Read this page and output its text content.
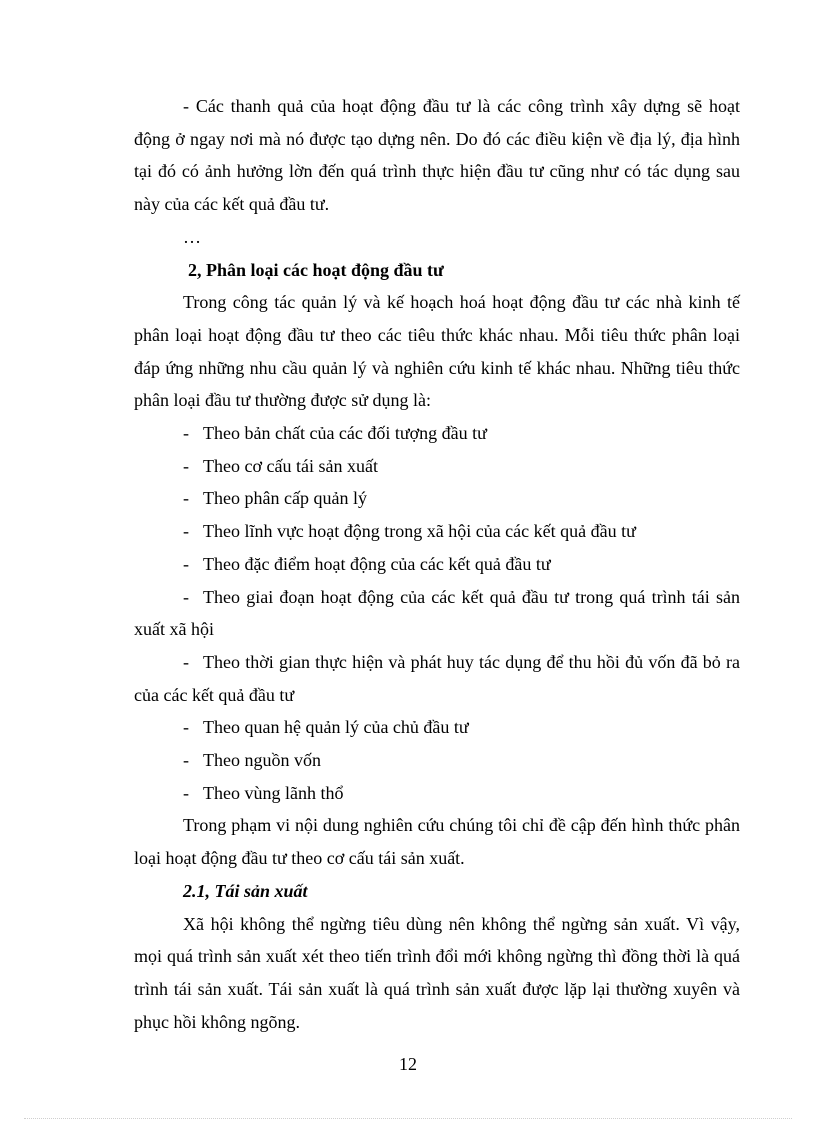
- Các thanh quả của hoạt động đầu tư là các công trình xây dựng sẽ hoạt động ở ngay nơi mà nó được tạo dựng nên. Do đó các điều kiện về địa lý, địa hình tại đó có ảnh hưởng lờn đến quá trình thực hiện đầu tư cũng như có tác dụng sau này của các kết quả đầu tư.

…

2, Phân loại các hoạt động đầu tư

Trong công tác quản lý và kế hoạch hoá hoạt động đầu tư các nhà kinh tế phân loại hoạt động đầu tư theo các tiêu thức khác nhau. Mỗi tiêu thức phân loại đáp ứng những nhu cầu quản lý và nghiên cứu kinh tế khác nhau. Những tiêu thức phân loại đầu tư thường được sử dụng là:

- Theo bản chất của các đối tượng đầu tư
- Theo cơ cấu tái sản xuất
- Theo phân cấp quản lý
- Theo lĩnh vực hoạt động trong xã hội của các kết quả đầu tư
- Theo đặc điểm hoạt động của các kết quả đầu tư
- Theo giai đoạn hoạt động của các kết quả đầu tư trong quá trình tái sản xuất xã hội
- Theo thời gian thực hiện và phát huy tác dụng để thu hồi đủ vốn đã bỏ ra của các kết quả đầu tư
- Theo quan hệ quản lý của chủ đầu tư
- Theo nguồn vốn
- Theo vùng lãnh thổ

Trong phạm vi nội dung nghiên cứu chúng tôi chỉ đề cập đến hình thức phân loại hoạt động đầu tư theo cơ cấu tái sản xuất.

2.1, Tái sản xuất

Xã hội không thể ngừng tiêu dùng nên không thể ngừng sản xuất. Vì vậy, mọi quá trình sản xuất xét theo tiến trình đổi mới không ngừng thì đồng thời là quá trình tái sản xuất. Tái sản xuất là quá trình sản xuất được lặp lại thường xuyên và phục hồi không ngõng.

12
